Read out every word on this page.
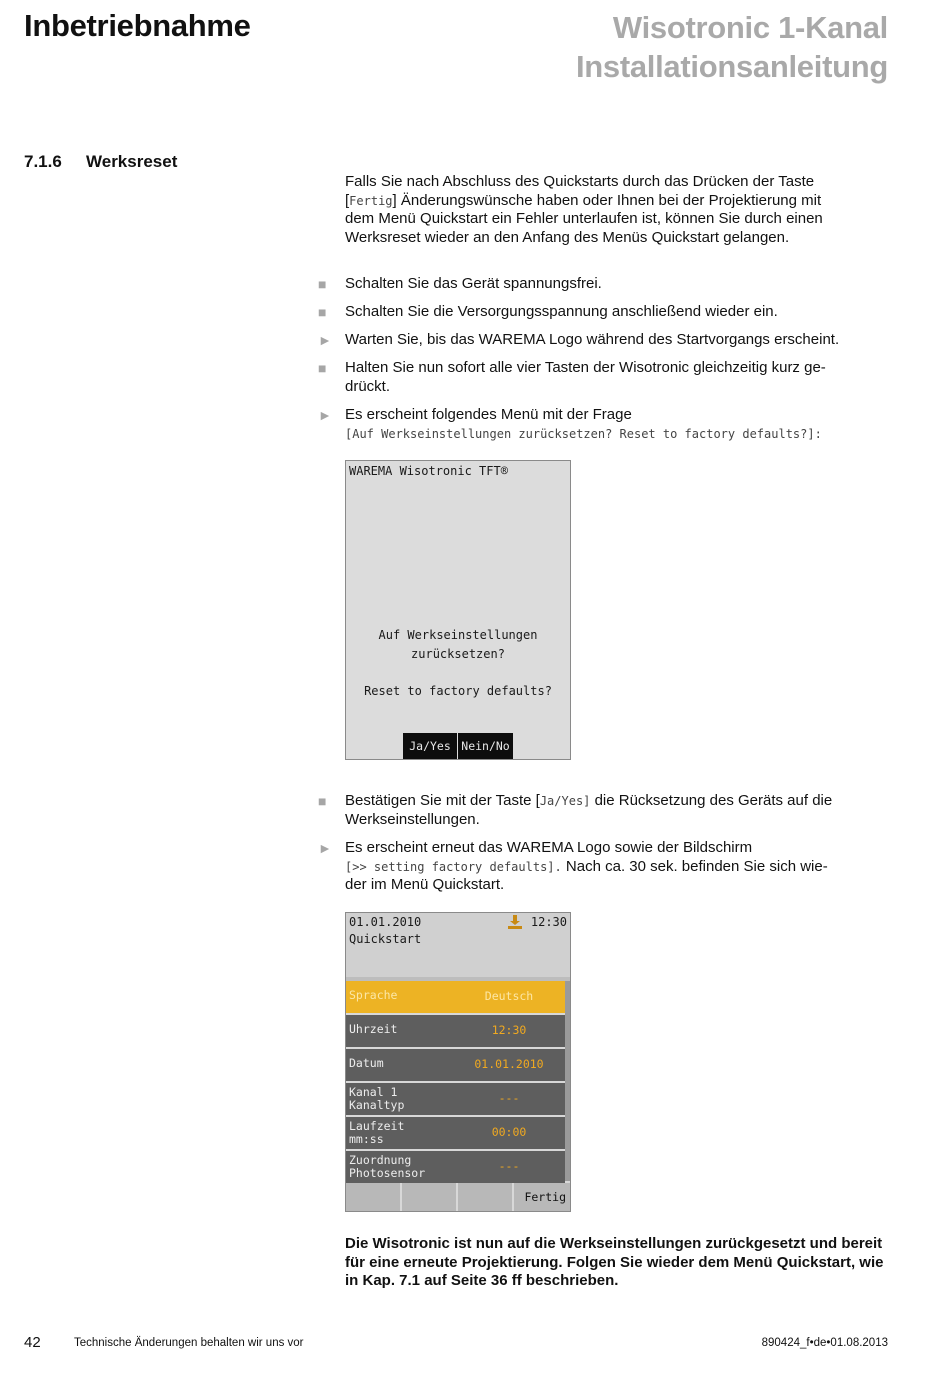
Inbetriebnahme	Wisotronic 1-Kanal
Installationsanleitung
7.1.6 Werksreset
Falls Sie nach Abschluss des Quickstarts durch das Drücken der Taste
[Fertig] Änderungswünsche haben oder Ihnen bei der Projektierung mit
dem Menü Quickstart ein Fehler unterlaufen ist, können Sie durch einen
Werksreset wieder an den Anfang des Menüs Quickstart gelangen.
■	Schalten Sie das Gerät spannungsfrei.
■	Schalten Sie die Versorgungsspannung anschließend wieder ein.
► Warten Sie, bis das WAREMA Logo während des Startvorgangs erscheint.
■	Halten Sie nun sofort alle vier Tasten der Wisotronic gleichzeitig kurz ge-
drückt.
► Es erscheint folgendes Menü mit der Frage
[Auf Werkseinstellungen zurücksetzen? Reset to factory defaults?]:
WAREMA Wisotronic TFT®
Auf Werkseinstellungen
zurücksetzen?
Reset to factory defaults?
Ja/Yes Nein/No
■	Bestätigen Sie mit der Taste [Ja/Yes] die Rücksetzung des Geräts auf die
Werkseinstellungen.
► Es erscheint erneut das WAREMA Logo sowie der Bildschirm
[>> setting factory defaults]. Nach ca. 30 sek. befinden Sie sich wie-
der im Menü Quickstart.
01.01.2010	12:30
Quickstart
Sprache	Deutsch
Uhrzeit	12:30
Datum	01.01.2010
Kanal 1
Kanaltyp	---
Laufzeit
mm:ss	00:00
Zuordnung
Photosensor	---
Fertig
Die Wisotronic ist nun auf die Werkseinstellungen zurückgesetzt und bereit
für eine erneute Projektierung. Folgen Sie wieder dem Menü Quickstart, wie
in Kap. 7.1 auf Seite 36 ff beschrieben.
42	Technische Änderungen behalten wir uns vor	890424_f•de•01.08.2013
